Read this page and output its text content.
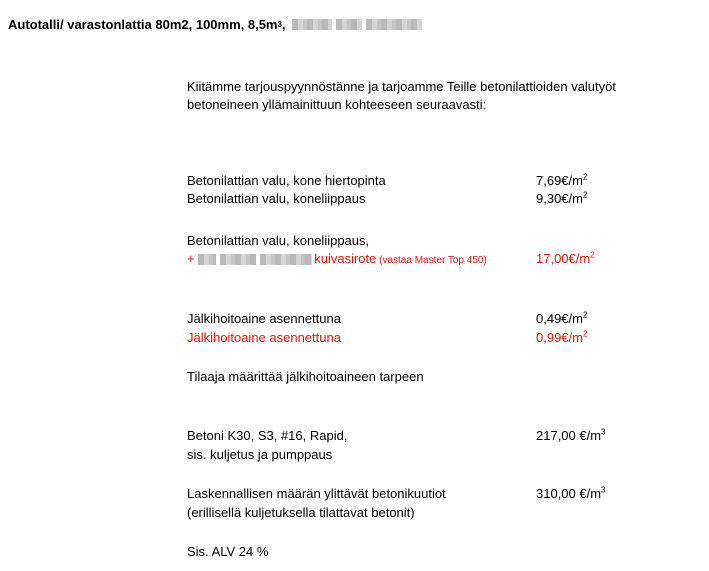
Autotalli/ varastonlattia 80m2, 100mm, 8,5m 3 ,
Kiitämme tarjouspyynnöstänne ja tarjoamme Teille betonilattioiden valutyöt
betoneineen yllämainittuun kohteeseen seuraavasti:
Betonilattian valu, kone hiertopinta	$7,69€/m^2$
Betonilattian valu, koneliippaus	$9,30€/m^2$
Betonilattian valu, koneliippaus,
+	kuivasirote (vastaa Master Top 450)	$17,00€/m^2$
Jälkihoitoaine asennettuna	$0,49€/m^2$
Jälkihoitoaine asennettuna	$0,99€/m^2$
Tilaaja määrittää jälkihoitoaineen tarpeen
Betoni K30, S3, #16, Rapid,	217,00 $€/m^3$
sis. kuljetus ja pumppaus
Laskennallisen määrän ylittävät betonikuutiot	310,00 $€/m^3$
(erillisellä kuljetuksella tilattavat betonit)
Sis. ALV 24 %
